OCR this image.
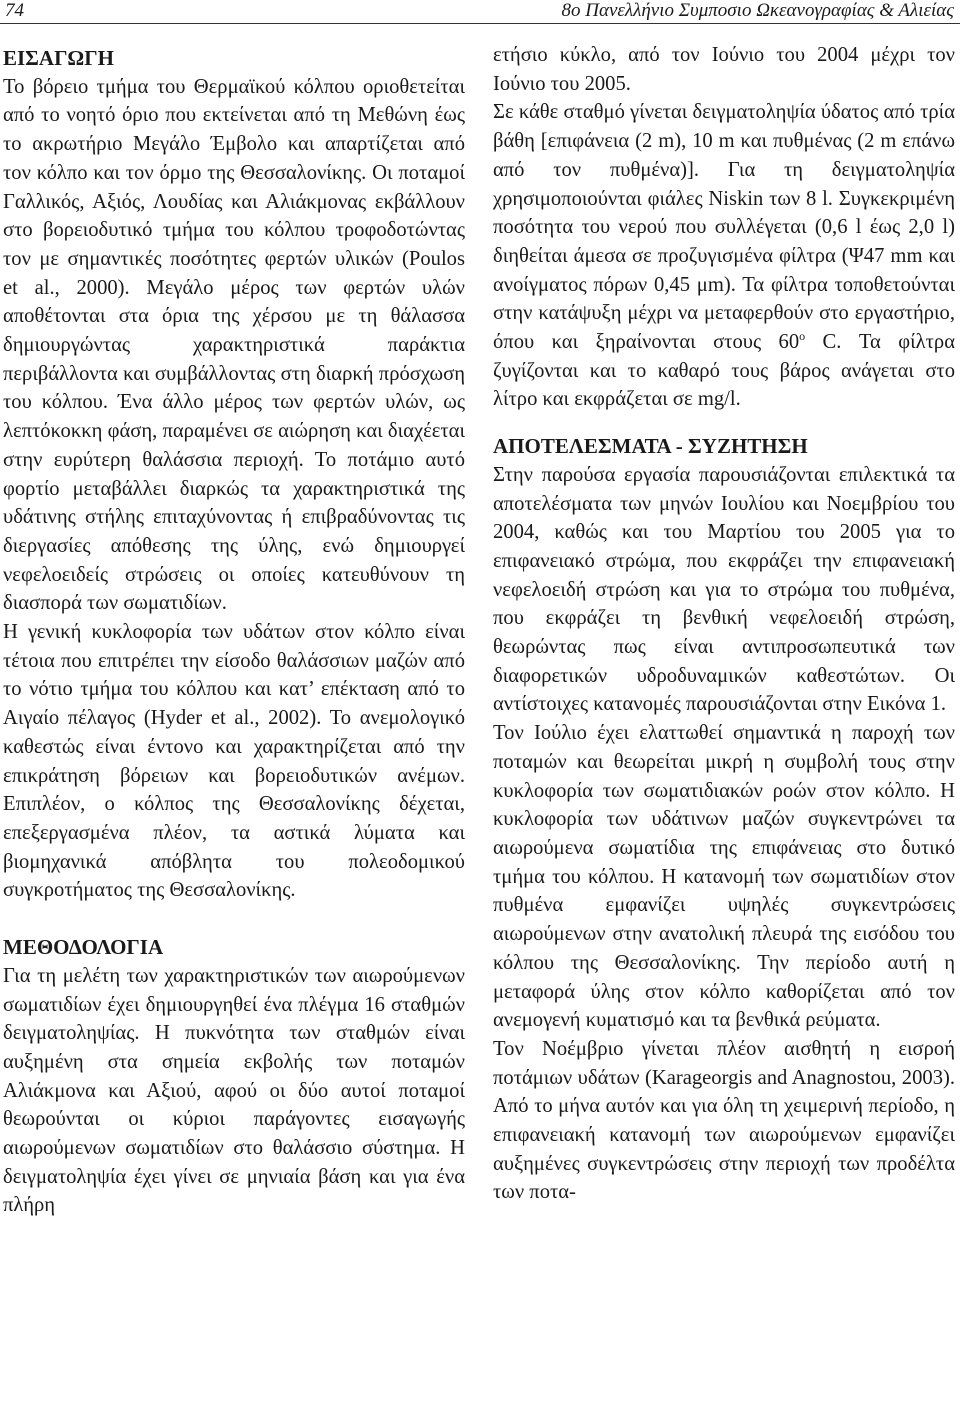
74	8ο Πανελλήνιο Συμποσιο Ωκεανογραφίας & Αλιείας
ΕΙΣΑΓΩΓΗ

Το βόρειο τμήμα του Θερμαϊκού κόλπου οριοθετείται από το νοητό όριο που εκτείνεται από τη Μεθώνη έως το ακρωτήριο Μεγάλο Έμβολο και απαρτίζεται από τον κόλπο και τον όρμο της Θεσσαλονίκης. Οι ποταμοί Γαλλικός, Αξιός, Λουδίας και Αλιάκμονας εκβάλλουν στο βορειοδυτικό τμήμα του κόλπου τροφοδοτώντας τον με σημαντικές ποσότητες φερτών υλικών (Poulos et al., 2000). Μεγάλο μέρος των φερτών υλών αποθέτονται στα όρια της χέρσου με τη θάλασσα δημιουργώντας χαρακτηριστικά παράκτια περιβάλλοντα και συμβάλλοντας στη διαρκή πρόσχωση του κόλπου. Ένα άλλο μέρος των φερτών υλών, ως λεπτόκοκκη φάση, παραμένει σε αιώρηση και διαχέεται στην ευρύτερη θαλάσσια περιοχή. Το ποτάμιο αυτό φορτίο μεταβάλλει διαρκώς τα χαρακτηριστικά της υδάτινης στήλης επιταχύνοντας ή επιβραδύνοντας τις διεργασίες απόθεσης της ύλης, ενώ δημιουργεί νεφελοειδείς στρώσεις οι οποίες κατευθύνουν τη διασπορά των σωματιδίων.

Η γενική κυκλοφορία των υδάτων στον κόλπο είναι τέτοια που επιτρέπει την είσοδο θαλάσσιων μαζών από το νότιο τμήμα του κόλπου και κατ’ επέκταση από το Αιγαίο πέλαγος (Hyder et al., 2002). Το ανεμολογικό καθεστώς είναι έντονο και χαρακτηρίζεται από την επικράτηση βόρειων και βορειοδυτικών ανέμων. Επιπλέον, ο κόλπος της Θεσσαλονίκης δέχεται, επεξεργασμένα πλέον, τα αστικά λύματα και βιομηχανικά απόβλητα του πολεοδομικού συγκροτήματος της Θεσσαλονίκης.

ΜΕΘΟΔΟΛΟΓΙΑ

Για τη μελέτη των χαρακτηριστικών των αιωρούμενων σωματιδίων έχει δημιουργηθεί ένα πλέγμα 16 σταθμών δειγματοληψίας. Η πυκνότητα των σταθμών είναι αυξημένη στα σημεία εκβολής των ποταμών Αλιάκμονα και Αξιού, αφού οι δύο αυτοί ποταμοί θεωρούνται οι κύριοι παράγοντες εισαγωγής αιωρούμενων σωματιδίων στο θαλάσσιο σύστημα. Η δειγματοληψία έχει γίνει σε μηνιαία βάση και για ένα πλήρη

ετήσιο κύκλο, από τον Ιούνιο του 2004 μέχρι τον Ιούνιο του 2005.

Σε κάθε σταθμό γίνεται δειγματοληψία ύδατος από τρία βάθη [επιφάνεια (2 m), 10 m και πυθμένας (2 m επάνω από τον πυθμένα)]. Για τη δειγματοληψία χρησιμοποιούνται φιάλες Niskin των 8 l. Συγκεκριμένη ποσότητα του νερού που συλλέγεται (0,6 l έως 2,0 l) διηθείται άμεσα σε προζυγισμένα φίλτρα (Ψ47 mm και ανοίγματος πόρων 0,45 μm). Τα φίλτρα τοποθετούνται στην κατάψυξη μέχρι να μεταφερθούν στο εργαστήριο, όπου και ξηραίνονται στους $60^o$ C. Τα φίλτρα ζυγίζονται και το καθαρό τους βάρος ανάγεται στο λίτρο και εκφράζεται σε mg/l.

ΑΠΟΤΕΛΕΣΜΑΤΑ - ΣΥΖΗΤΗΣΗ

Στην παρούσα εργασία παρουσιάζονται επιλεκτικά τα αποτελέσματα των μηνών Ιουλίου και Νοεμβρίου του 2004, καθώς και του Μαρτίου του 2005 για το επιφανειακό στρώμα, που εκφράζει την επιφανειακή νεφελοειδή στρώση και για το στρώμα του πυθμένα, που εκφράζει τη βενθική νεφελοειδή στρώση, θεωρώντας πως είναι αντιπροσωπευτικά των διαφορετικών υδροδυναμικών καθεστώτων. Οι αντίστοιχες κατανομές παρουσιάζονται στην Εικόνα 1.

Τον Ιούλιο έχει ελαττωθεί σημαντικά η παροχή των ποταμών και θεωρείται μικρή η συμβολή τους στην κυκλοφορία των σωματιδιακών ροών στον κόλπο. Η κυκλοφορία των υδάτινων μαζών συγκεντρώνει τα αιωρούμενα σωματίδια της επιφάνειας στο δυτικό τμήμα του κόλπου. Η κατανομή των σωματιδίων στον πυθμένα εμφανίζει υψηλές συγκεντρώσεις αιωρούμενων στην ανατολική πλευρά της εισόδου του κόλπου της Θεσσαλονίκης. Την περίοδο αυτή η μεταφορά ύλης στον κόλπο καθορίζεται από τον ανεμογενή κυματισμό και τα βενθικά ρεύματα.

Τον Νοέμβριο γίνεται πλέον αισθητή η εισροή ποτάμιων υδάτων (Karageorgis and Anagnostou, 2003). Από το μήνα αυτόν και για όλη τη χειμερινή περίοδο, η επιφανειακή κατανομή των αιωρούμενων εμφανίζει αυξημένες συγκεντρώσεις στην περιοχή των προδέλτα των ποτα-
